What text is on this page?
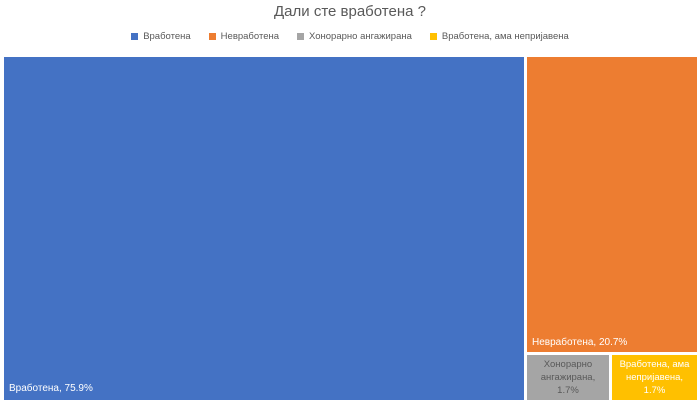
Дали сте вработена ?
Вработена	Невработена	Хонорарно ангажирана	Вработена, ама непријавена
Вработена, 75.9%
Невработена, 20.7%
Хонорарно ангажирана, 1.7%
Вработена, ама непријавена, 1.7%
